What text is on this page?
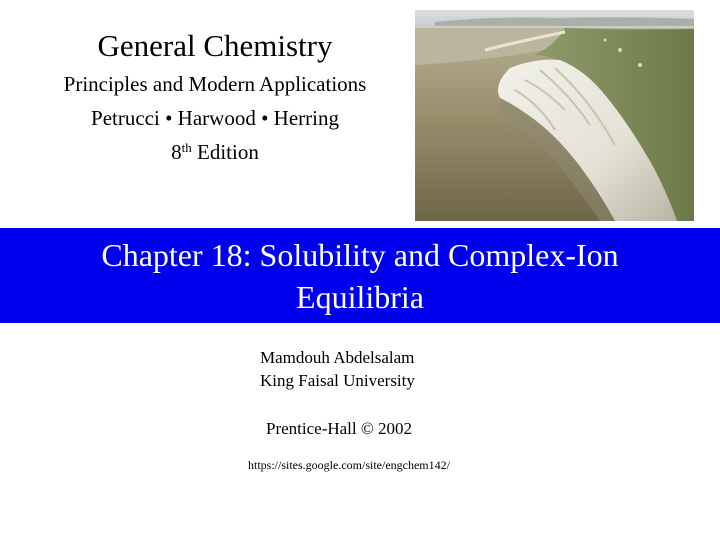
General Chemistry

Principles and Modern Applications

Petrucci • Harwood • Herring

8th Edition

Chapter 18: Solubility and Complex-Ion Equilibria

Mamdouh Abdelsalam

King Faisal University

Prentice-Hall © 2002

https://sites.google.com/site/engchem142/
